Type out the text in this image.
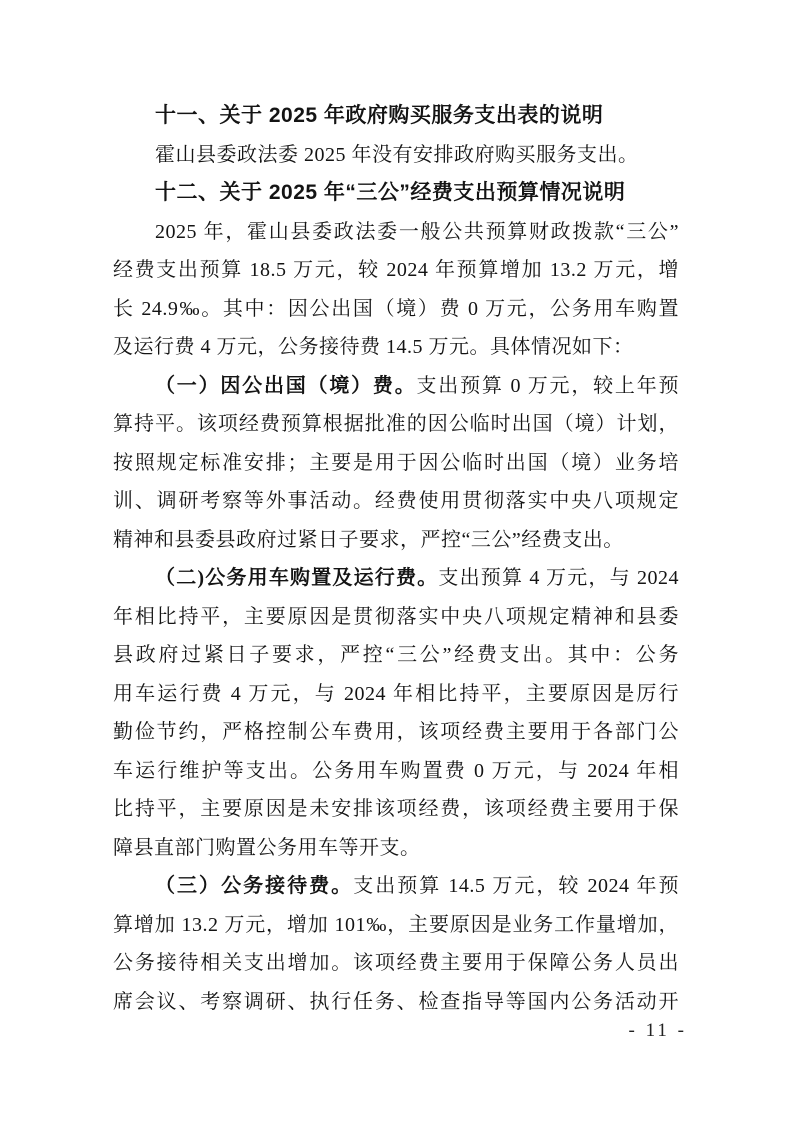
十一、关于 2025 年政府购买服务支出表的说明
霍山县委政法委 2025 年没有安排政府购买服务支出。
十二、关于 2025 年“三公”经费支出预算情况说明
2025 年，霍山县委政法委一般公共预算财政拨款“三公”
经费支出预算 18.5 万元，较 2024 年预算增加 13.2 万元，增
长 24.9‰。其中：因公出国（境）费 0 万元，公务用车购置
及运行费 4 万元，公务接待费 14.5 万元。具体情况如下：
（一）因公出国（境）费。支出预算 0 万元，较上年预
算持平。该项经费预算根据批准的因公临时出国（境）计划，
按照规定标准安排；主要是用于因公临时出国（境）业务培
训、调研考察等外事活动。经费使用贯彻落实中央八项规定
精神和县委县政府过紧日子要求，严控“三公”经费支出。
（二)公务用车购置及运行费。支出预算 4 万元，与 2024
年相比持平，主要原因是贯彻落实中央八项规定精神和县委
县政府过紧日子要求，严控“三公”经费支出。其中：公务
用车运行费 4 万元，与 2024 年相比持平，主要原因是厉行
勤俭节约，严格控制公车费用，该项经费主要用于各部门公
车运行维护等支出。公务用车购置费 0 万元，与 2024 年相
比持平，主要原因是未安排该项经费，该项经费主要用于保
障县直部门购置公务用车等开支。
（三）公务接待费。支出预算 14.5 万元，较 2024 年预
算增加 13.2 万元，增加 101‰，主要原因是业务工作量增加，
公务接待相关支出增加。该项经费主要用于保障公务人员出
席会议、考察调研、执行任务、检查指导等国内公务活动开
- 11 -
